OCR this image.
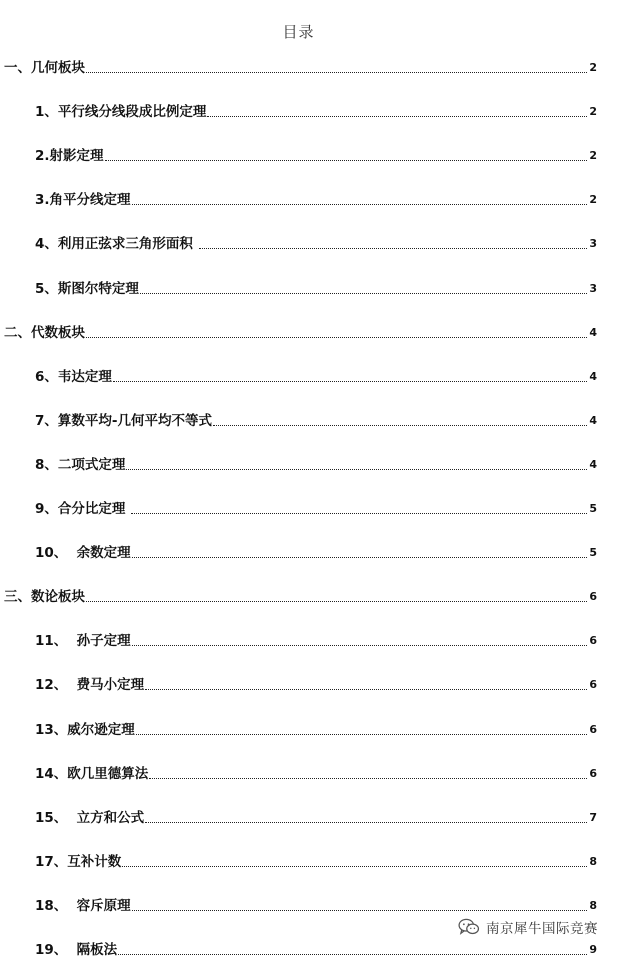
目录
一、几何板块	2
1、平行线分线段成比例定理	2
2.射影定理	2
3.角平分线定理	2
4、利用正弦求三角形面积	3
5、斯图尔特定理	3
二、代数板块	4
6、韦达定理	4
7、算数平均-几何平均不等式	4
8、二项式定理	4
9、合分比定理	5
10、  余数定理	5
三、数论板块	6
11、  孙子定理	6
12、  费马小定理	6
13、威尔逊定理	6
14、欧几里德算法	6
15、  立方和公式	7
17、互补计数	8
18、  容斥原理	8
19、  隔板法	9
南京犀牛国际竞赛
